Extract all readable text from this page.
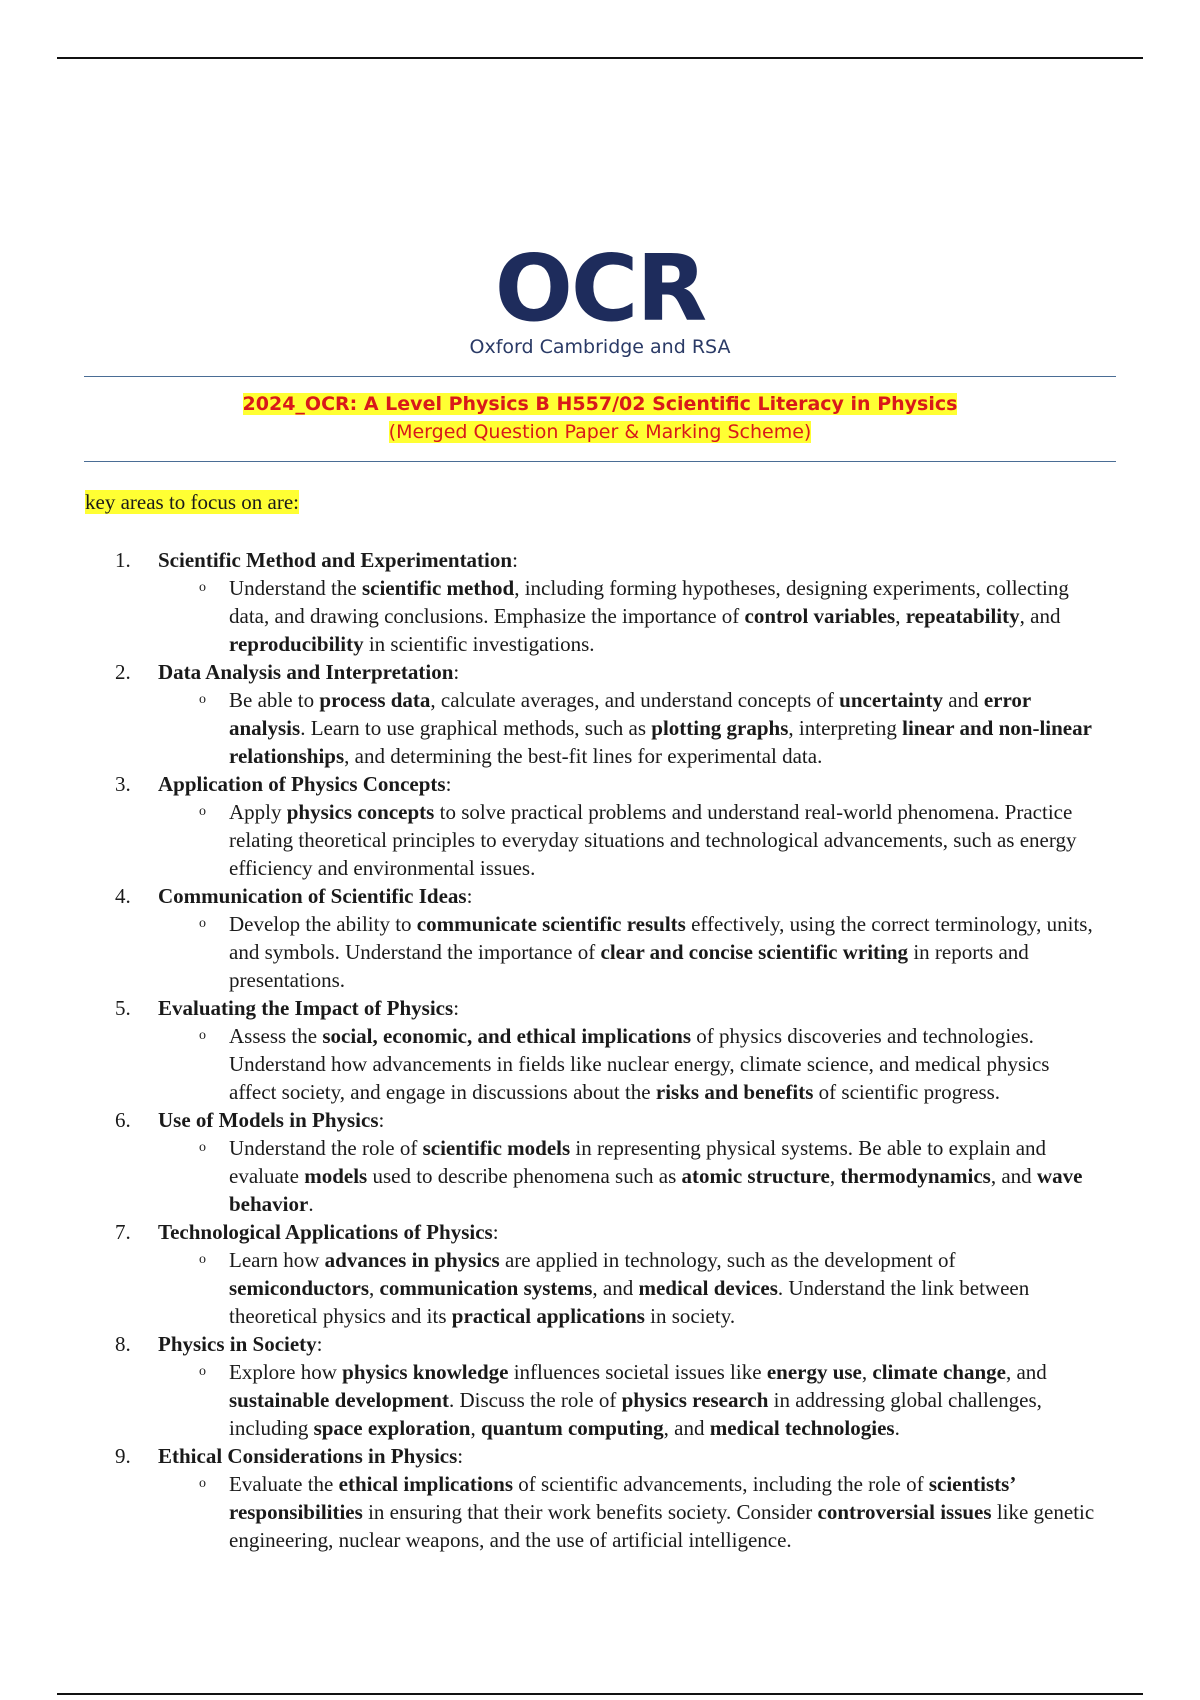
OCR
Oxford Cambridge and RSA
2024_OCR: A Level Physics B H557/02 Scientific Literacy in Physics
(Merged Question Paper & Marking Scheme)
key areas to focus on are:
1.	Scientific Method and Experimentation:
o	Understand the scientific method, including forming hypotheses, designing experiments, collecting data, and drawing conclusions. Emphasize the importance of control variables, repeatability, and reproducibility in scientific investigations.
2.	Data Analysis and Interpretation:
o	Be able to process data, calculate averages, and understand concepts of uncertainty and error analysis. Learn to use graphical methods, such as plotting graphs, interpreting linear and non-linear relationships, and determining the best-fit lines for experimental data.
3.	Application of Physics Concepts:
o	Apply physics concepts to solve practical problems and understand real-world phenomena. Practice relating theoretical principles to everyday situations and technological advancements, such as energy efficiency and environmental issues.
4.	Communication of Scientific Ideas:
o	Develop the ability to communicate scientific results effectively, using the correct terminology, units, and symbols. Understand the importance of clear and concise scientific writing in reports and presentations.
5.	Evaluating the Impact of Physics:
o	Assess the social, economic, and ethical implications of physics discoveries and technologies. Understand how advancements in fields like nuclear energy, climate science, and medical physics affect society, and engage in discussions about the risks and benefits of scientific progress.
6.	Use of Models in Physics:
o	Understand the role of scientific models in representing physical systems. Be able to explain and evaluate models used to describe phenomena such as atomic structure, thermodynamics, and wave behavior.
7.	Technological Applications of Physics:
o	Learn how advances in physics are applied in technology, such as the development of semiconductors, communication systems, and medical devices. Understand the link between theoretical physics and its practical applications in society.
8.	Physics in Society:
o	Explore how physics knowledge influences societal issues like energy use, climate change, and sustainable development. Discuss the role of physics research in addressing global challenges, including space exploration, quantum computing, and medical technologies.
9.	Ethical Considerations in Physics:
o	Evaluate the ethical implications of scientific advancements, including the role of scientists’ responsibilities in ensuring that their work benefits society. Consider controversial issues like genetic engineering, nuclear weapons, and the use of artificial intelligence.
